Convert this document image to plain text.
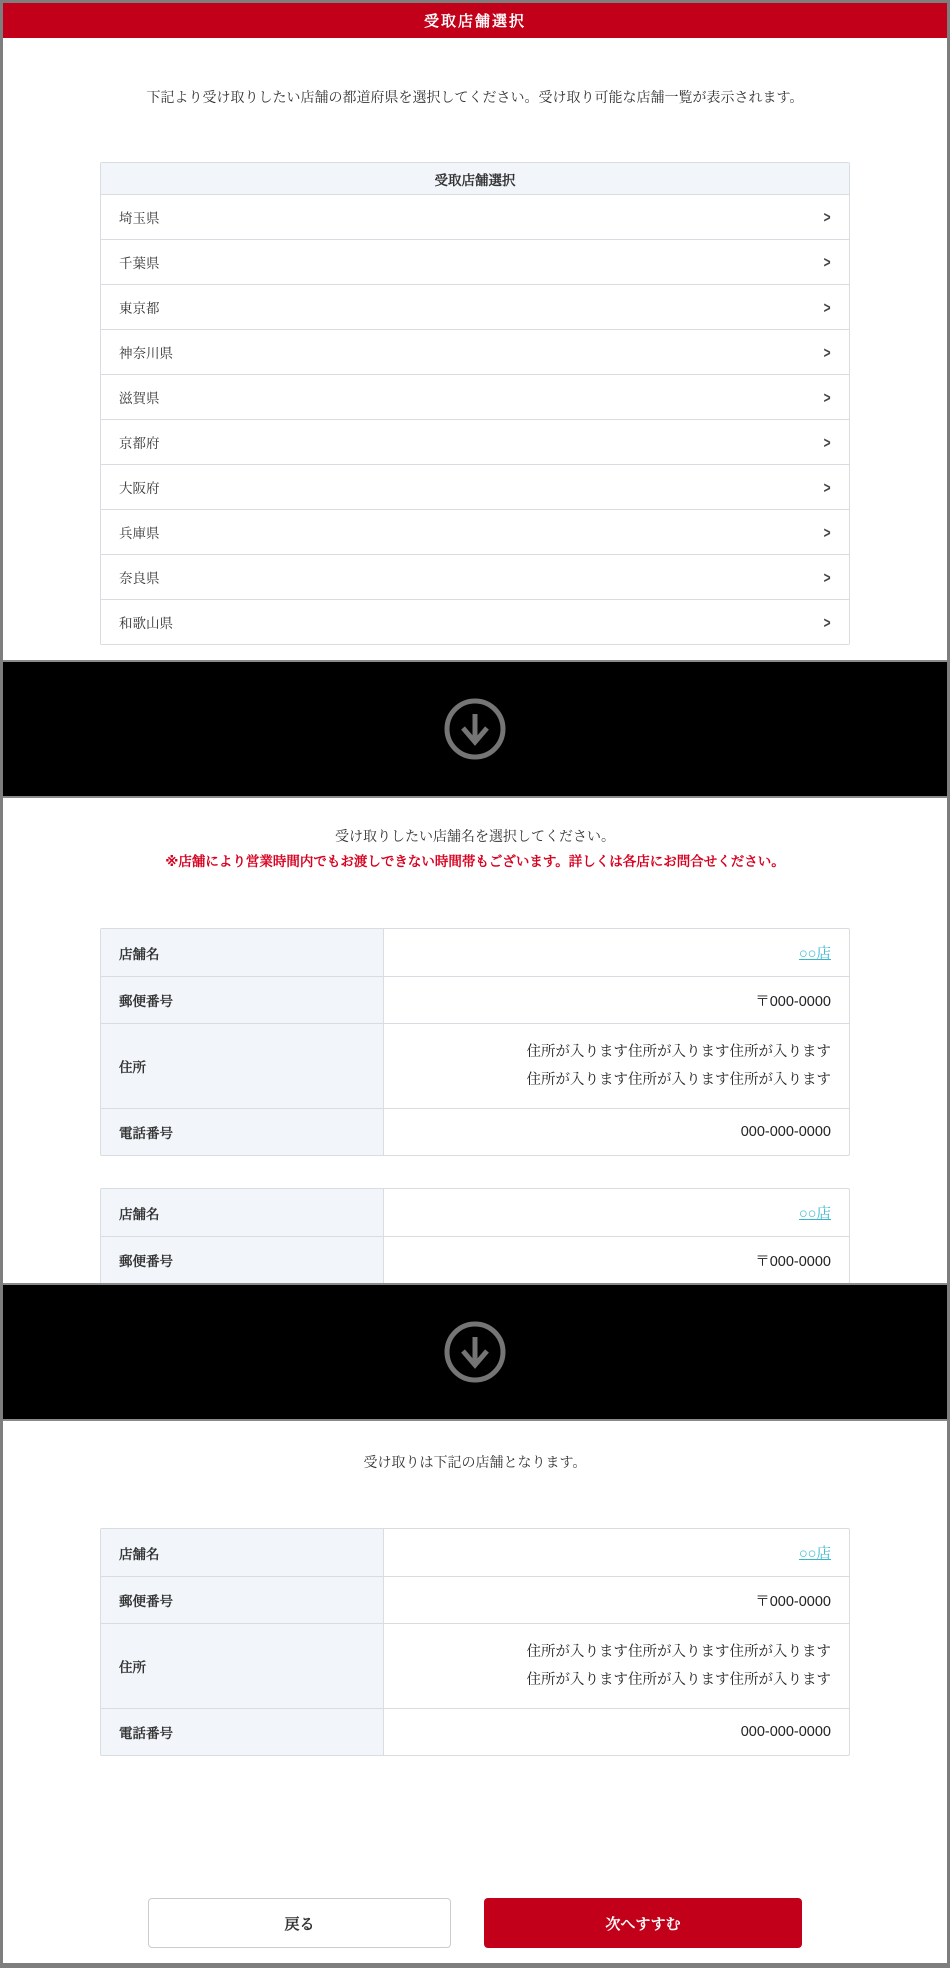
受取店舗選択

下記より受け取りしたい店舗の都道府県を選択してください。受け取り可能な店舗一覧が表示されます。

受取店舗選択
埼玉県	>
千葉県	>
東京都	>
神奈川県	>
滋賀県	>
京都府	>
大阪府	>
兵庫県	>
奈良県	>
和歌山県	>

受け取りしたい店舗名を選択してください。

※店舗により営業時間内でもお渡しできない時間帯もございます。詳しくは各店にお問合せください。

店舗名	○○店
郵便番号	〒000-0000
住所
住所が入ります住所が入ります住所が入ります
住所が入ります住所が入ります住所が入ります
電話番号	000-000-0000
店舗名	○○店
郵便番号	〒000-0000

受け取りは下記の店舗となります。

店舗名	○○店
郵便番号	〒000-0000
住所
住所が入ります住所が入ります住所が入ります
住所が入ります住所が入ります住所が入ります
電話番号	000-000-0000
戻る	次へすすむ
